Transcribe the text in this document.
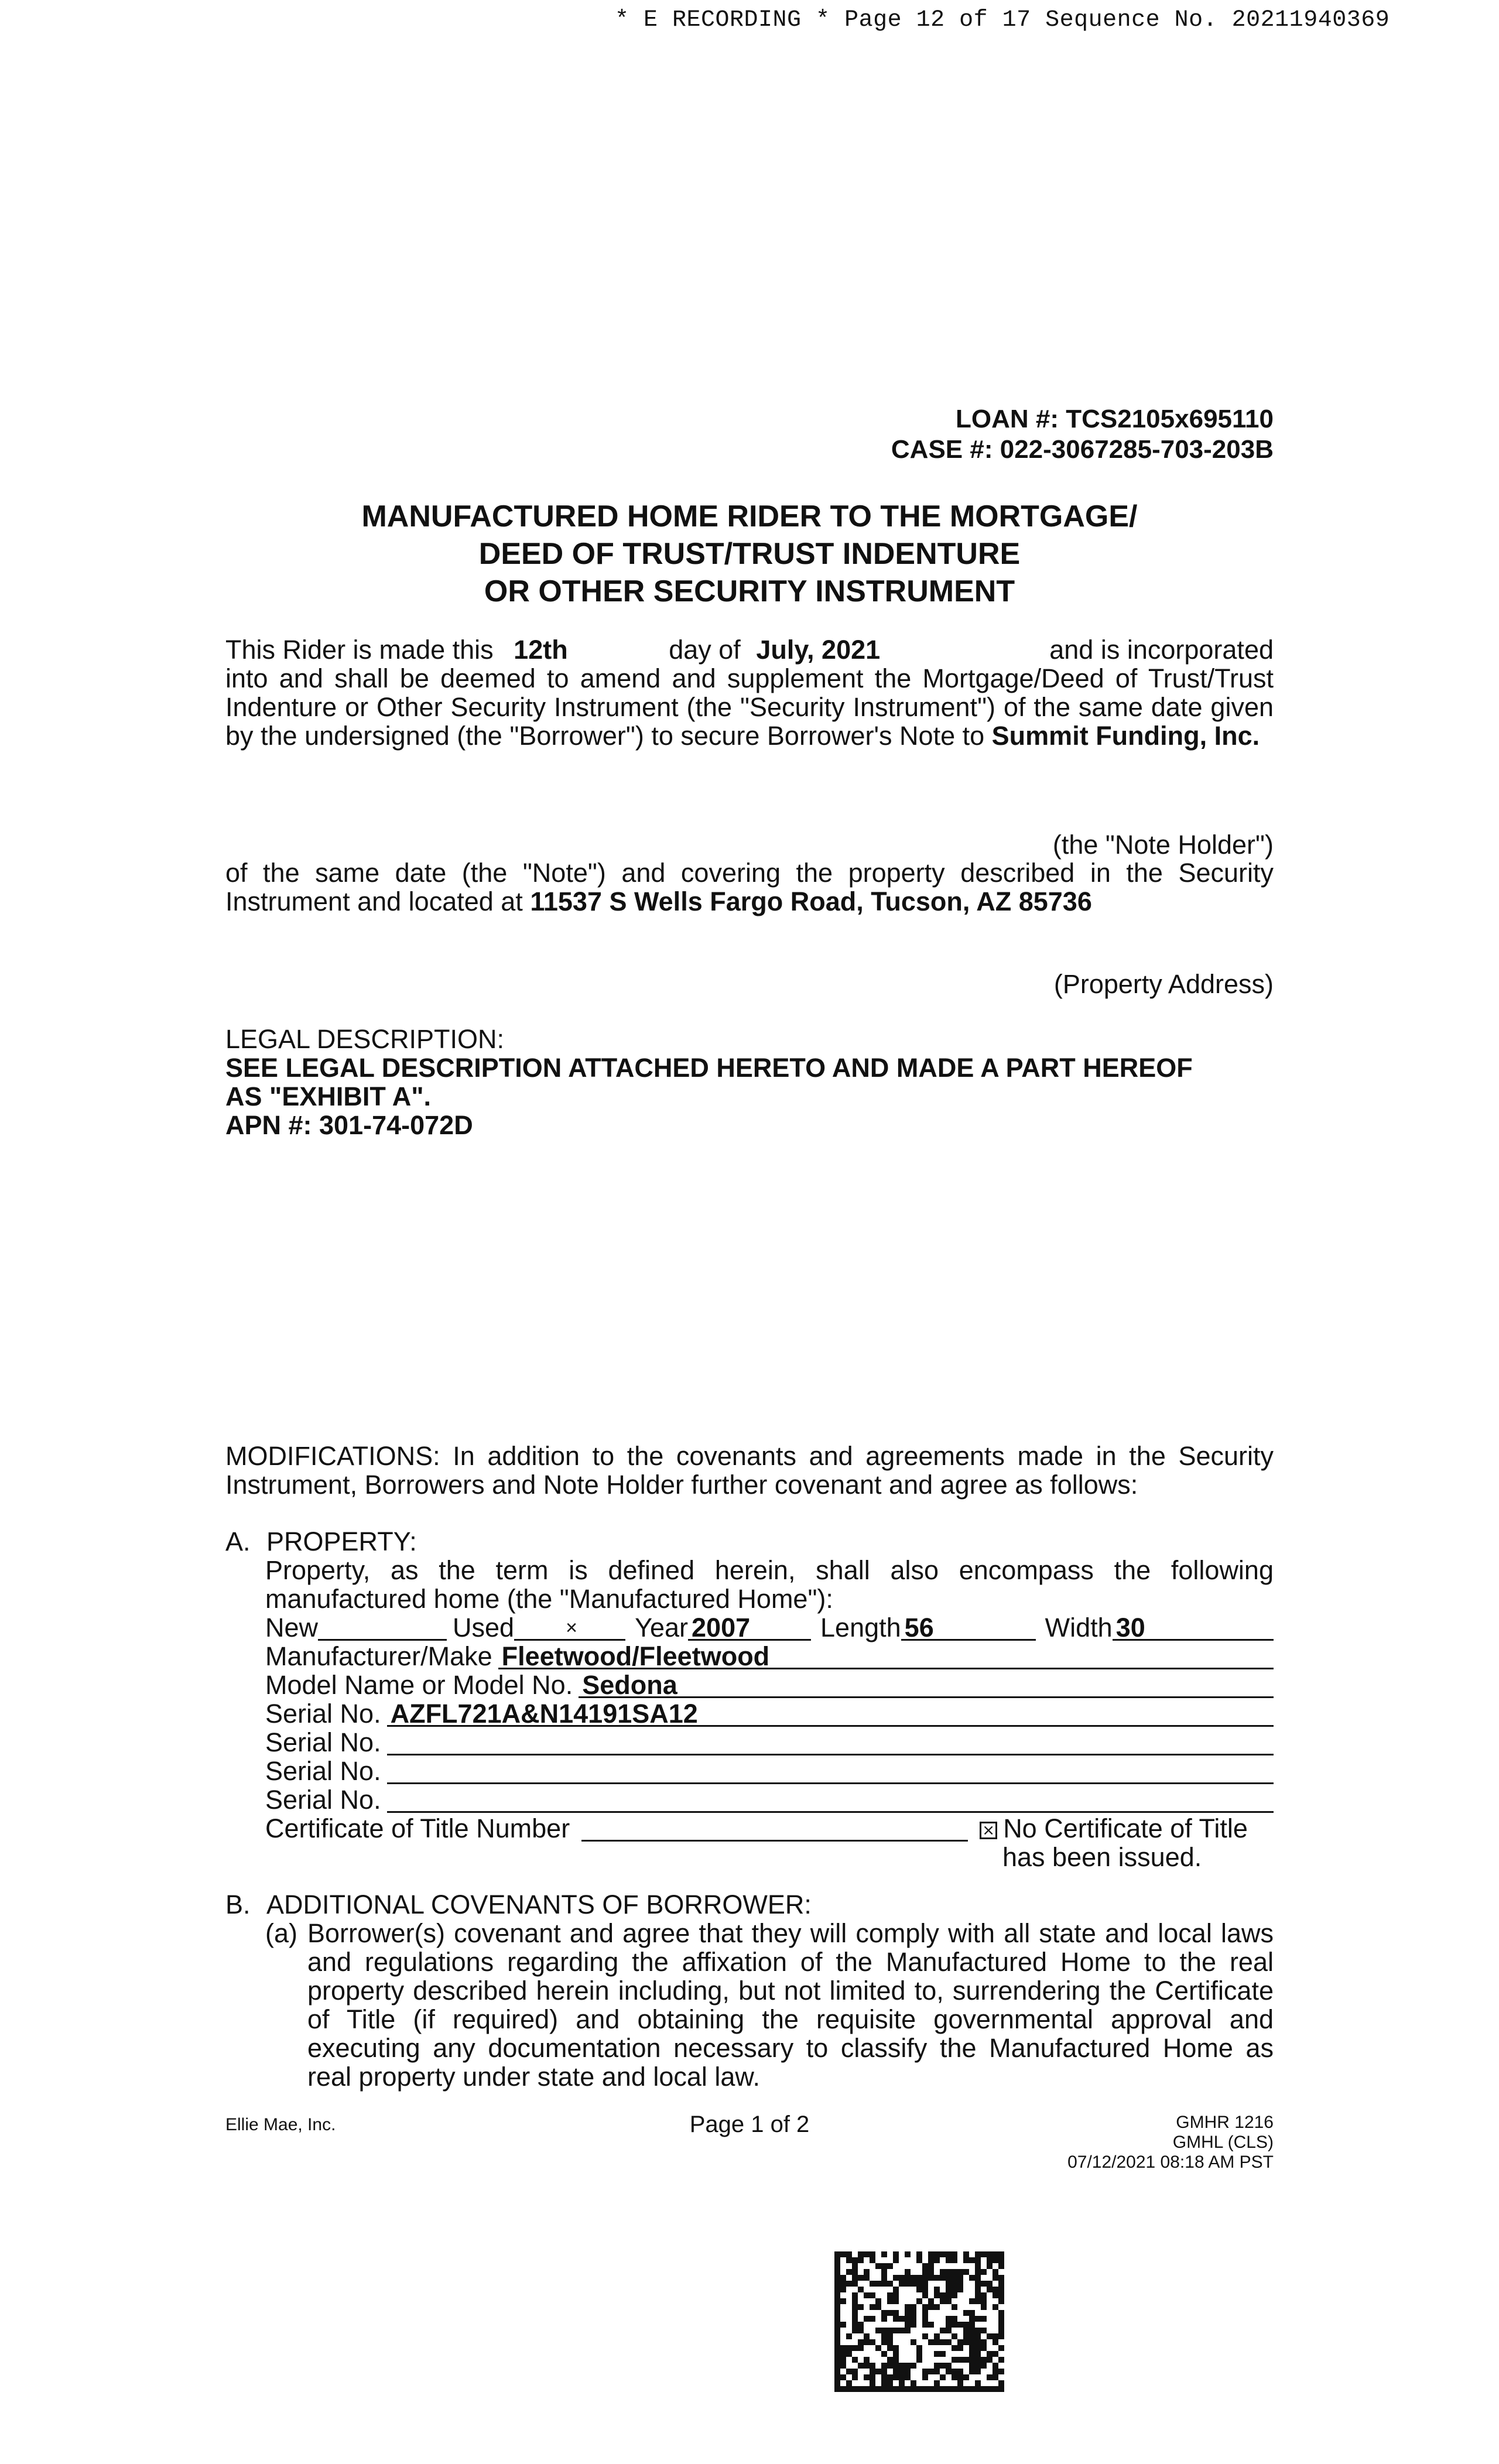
* E RECORDING * Page 12 of 17 Sequence No. 20211940369
LOAN #: TCS2105x695110
CASE #: 022-3067285-703-203B
MANUFACTURED HOME RIDER TO THE MORTGAGE/
DEED OF TRUST/TRUST INDENTURE
OR OTHER SECURITY INSTRUMENT
This Rider is made this 12th	day of July, 2021	and is incorporated
into and shall be deemed to amend and supplement the Mortgage/Deed of Trust/Trust Indenture or Other Security Instrument (the "Security Instrument") of the same date given by the undersigned (the "Borrower") to secure Borrower's Note to Summit Funding, Inc.
(the "Note Holder")
of the same date (the "Note") and covering the property described in the Security Instrument and located at 11537 S Wells Fargo Road, Tucson, AZ 85736
(Property Address)
LEGAL DESCRIPTION:
SEE LEGAL DESCRIPTION ATTACHED HERETO AND MADE A PART HEREOF
AS "EXHIBIT A".
APN #: 301-74-072D
MODIFICATIONS: In addition to the covenants and agreements made in the Security Instrument, Borrowers and Note Holder further covenant and agree as follows:
A. PROPERTY:
Property, as the term is defined herein, shall also encompass the following manufactured home (the "Manufactured Home"):
New	Used	×	Year 2007	Length 56	Width 30
Manufacturer/Make Fleetwood/Fleetwood
Model Name or Model No. Sedona
Serial No. AZFL721A&N14191SA12
Serial No.
Serial No.
Serial No.
Certificate of Title Number	× No Certificate of Title
has been issued.
B. ADDITIONAL COVENANTS OF BORROWER:
(a) Borrower(s) covenant and agree that they will comply with all state and local laws and regulations regarding the affixation of the Manufactured Home to the real property described herein including, but not limited to, surrendering the Certificate of Title (if required) and obtaining the requisite governmental approval and executing any documentation necessary to classify the Manufactured Home as real property under state and local law.
Ellie Mae, Inc.	Page 1 of 2	GMHR 1216
GMHL (CLS)
07/12/2021 08:18 AM PST
